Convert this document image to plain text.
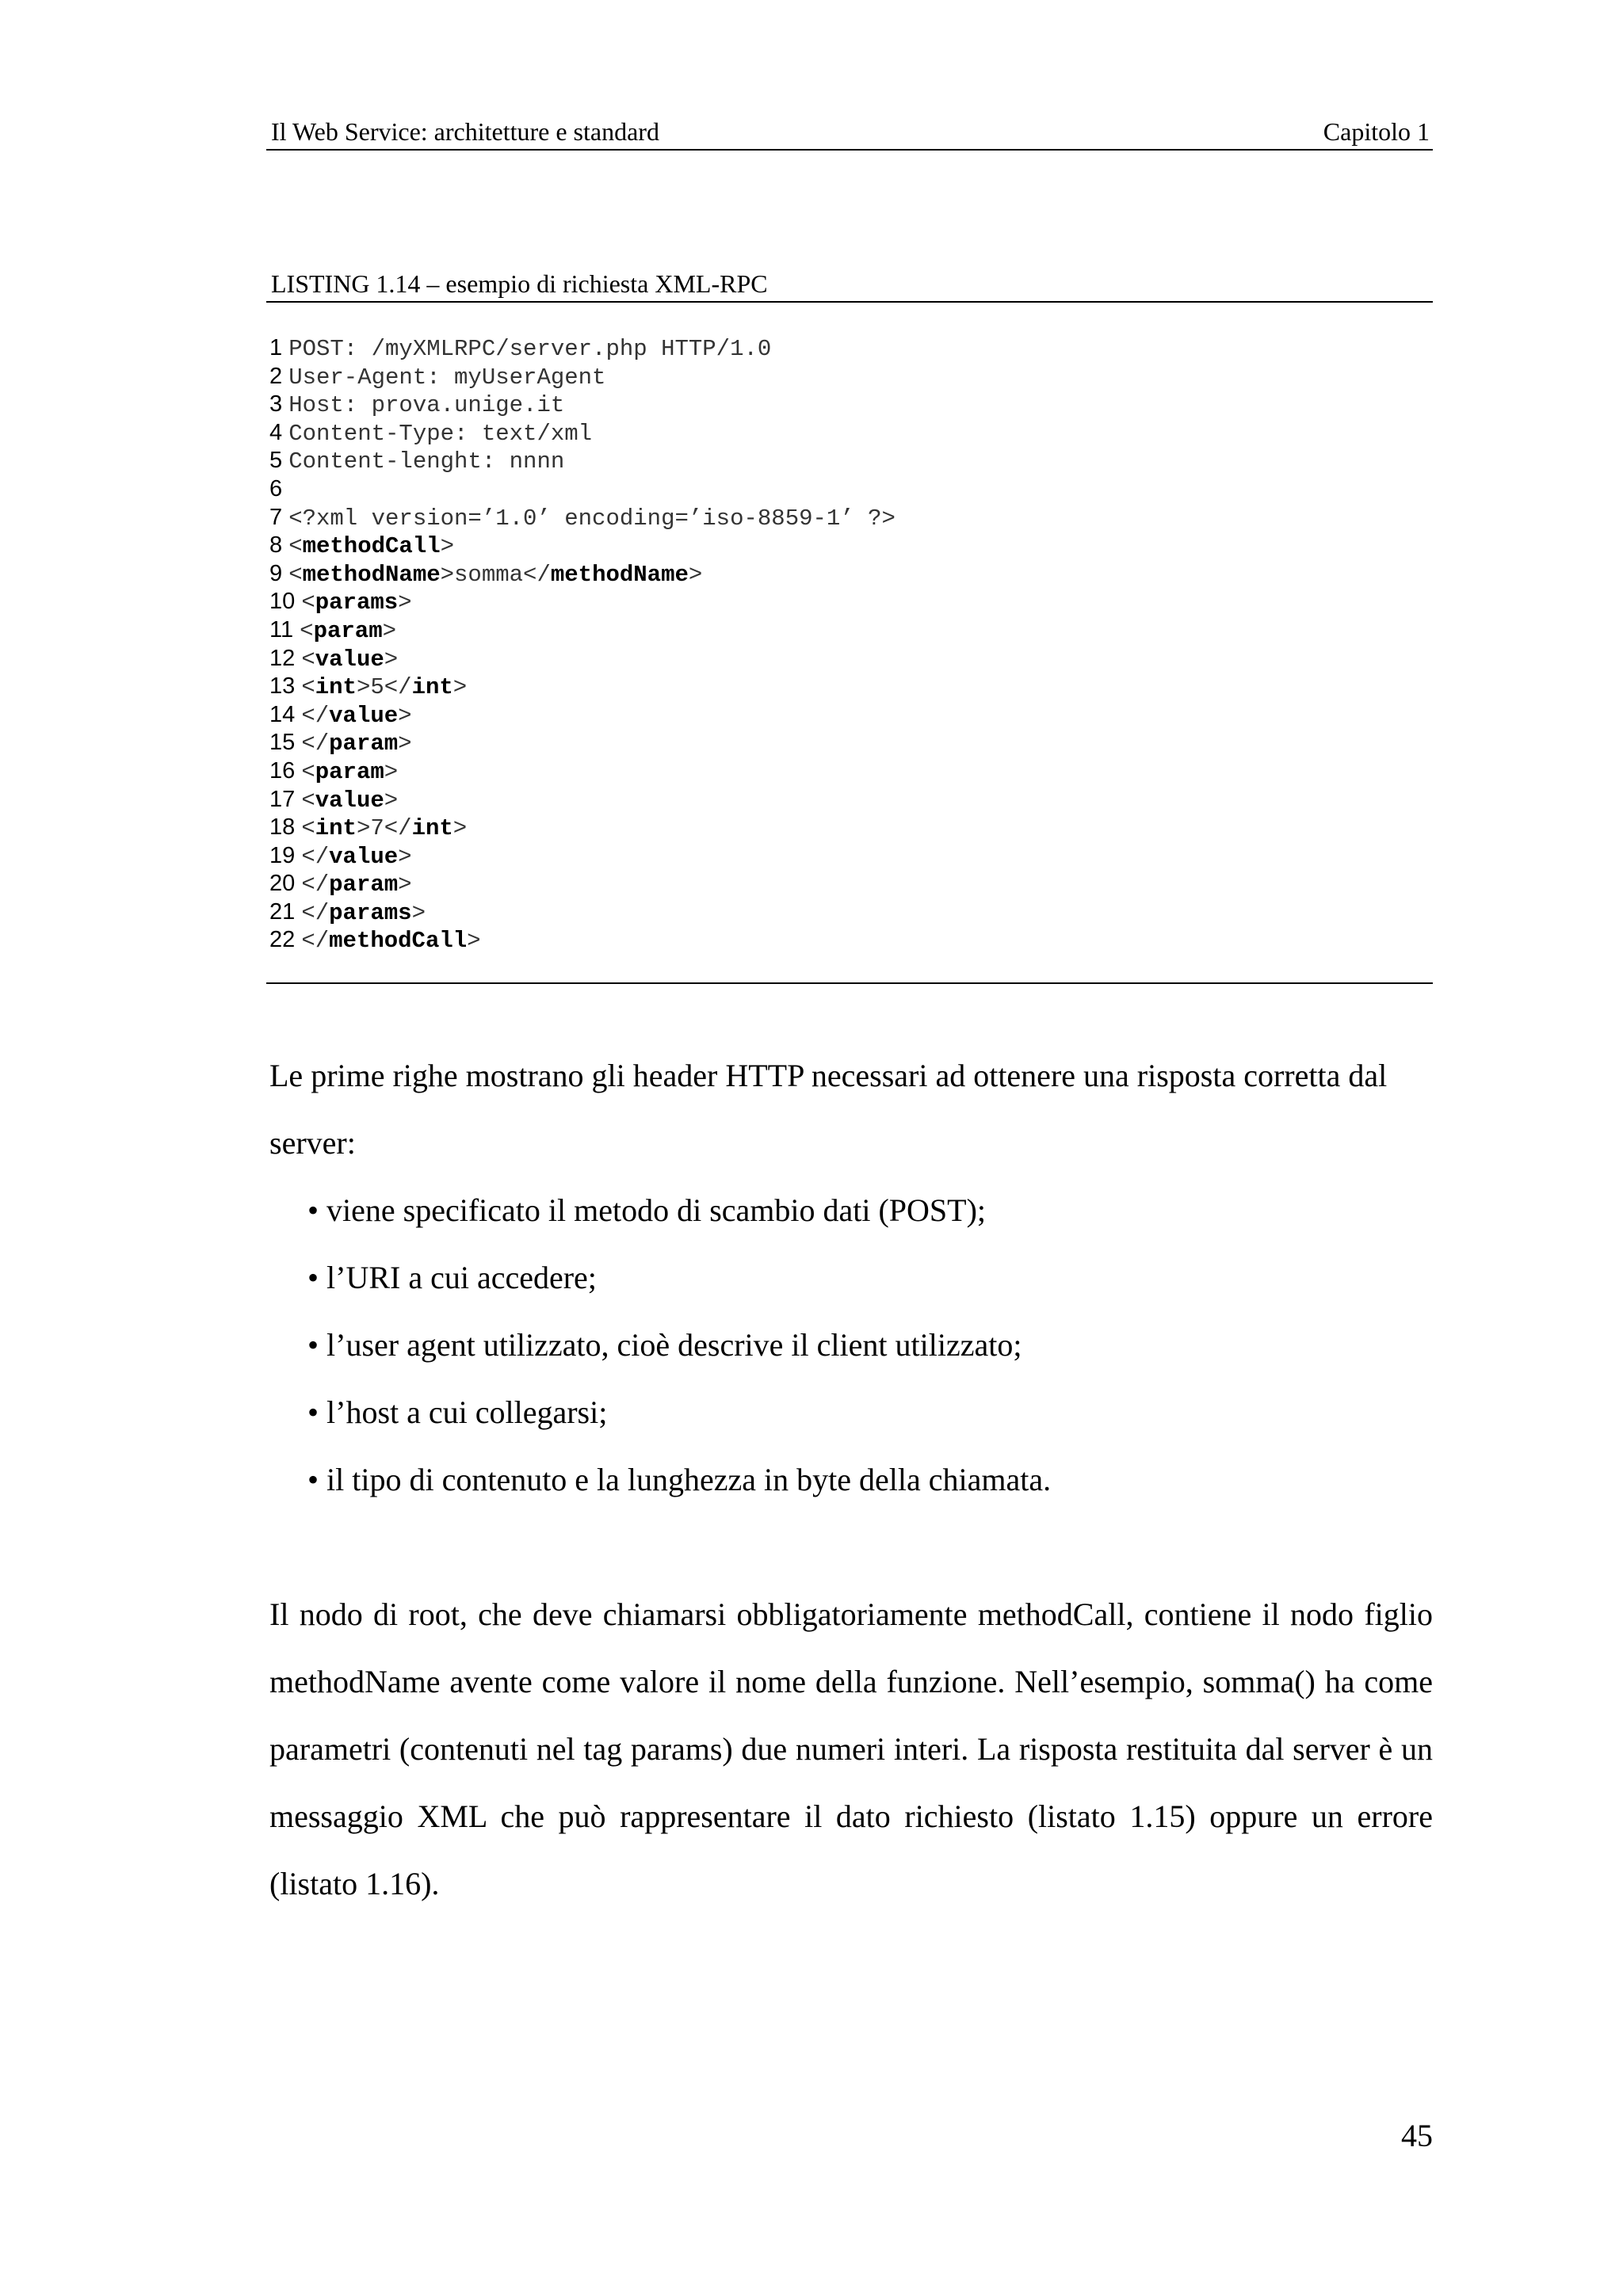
Il Web Service: architetture e standard	Capitolo 1
LISTING 1.14 – esempio di richiesta XML-RPC
1 POST: /myXMLRPC/server.php HTTP/1.0
2 User-Agent: myUserAgent
3 Host: prova.unige.it
4 Content-Type: text/xml
5 Content-lenght: nnnn
6
7 <?xml version=’1.0’ encoding=’iso-8859-1’ ?>
8 <methodCall>
9 <methodName>somma</methodName>
10 <params>
11 <param>
12 <value>
13 <int>5</int>
14 </value>
15 </param>
16 <param>
17 <value>
18 <int>7</int>
19 </value>
20 </param>
21 </params>
22 </methodCall>
Le prime righe mostrano gli header HTTP necessari ad ottenere una risposta corretta dal server:
• viene specificato il metodo di scambio dati (POST);
• l’URI a cui accedere;
• l’user agent utilizzato, cioè descrive il client utilizzato;
• l’host a cui collegarsi;
• il tipo di contenuto e la lunghezza in byte della chiamata.
Il nodo di root, che deve chiamarsi obbligatoriamente methodCall, contiene il nodo figlio methodName avente come valore il nome della funzione. Nell’esempio, somma() ha come parametri (contenuti nel tag params) due numeri interi. La risposta restituita dal server è un messaggio XML che può rappresentare il dato richiesto (listato 1.15) oppure un errore (listato 1.16).
45
